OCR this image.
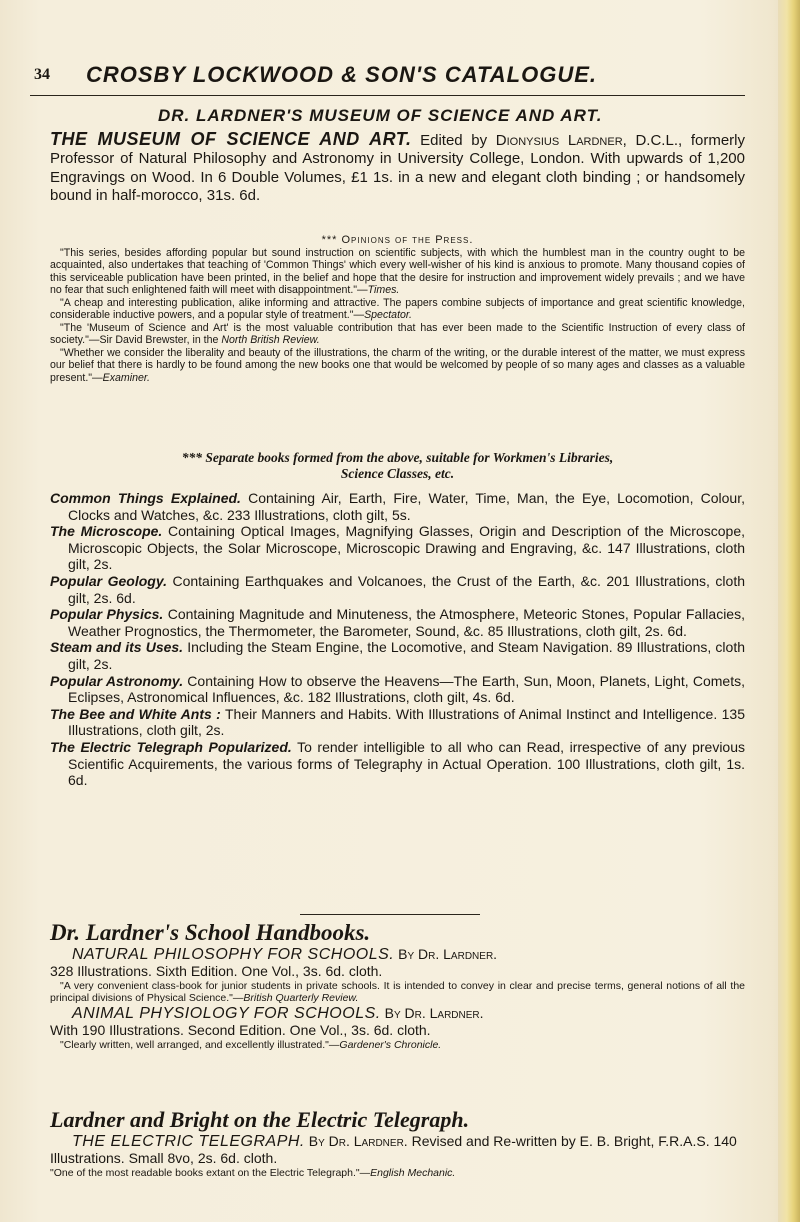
34 CROSBY LOCKWOOD & SON'S CATALOGUE.
DR. LARDNER'S MUSEUM OF SCIENCE AND ART.
THE MUSEUM OF SCIENCE AND ART. Edited by Dionysius Lardner, D.C.L., formerly Professor of Natural Philosophy and Astronomy in University College, London. With upwards of 1,200 Engravings on Wood. In 6 Double Volumes, £1 1s. in a new and elegant cloth binding ; or handsomely bound in half-morocco, 31s. 6d.
*** Opinions of the Press.

"This series, besides affording popular but sound instruction on scientific subjects, with which the humblest man in the country ought to be acquainted, also undertakes that teaching of 'Common Things' which every well-wisher of his kind is anxious to promote. Many thousand copies of this serviceable publication have been printed, in the belief and hope that the desire for instruction and improvement widely prevails ; and we have no fear that such enlightened faith will meet with disappointment."—Times.

"A cheap and interesting publication, alike informing and attractive. The papers combine subjects of importance and great scientific knowledge, considerable inductive powers, and a popular style of treatment."—Spectator.

"The 'Museum of Science and Art' is the most valuable contribution that has ever been made to the Scientific Instruction of every class of society."—Sir David Brewster, in the North British Review.

"Whether we consider the liberality and beauty of the illustrations, the charm of the writing, or the durable interest of the matter, we must express our belief that there is hardly to be found among the new books one that would be welcomed by people of so many ages and classes as a valuable present."—Examiner.

*** Separate books formed from the above, suitable for Workmen's Libraries,
Science Classes, etc.
Common Things Explained. Containing Air, Earth, Fire, Water, Time, Man, the Eye, Locomotion, Colour, Clocks and Watches, &c. 233 Illustrations, cloth gilt, 5s.
The Microscope. Containing Optical Images, Magnifying Glasses, Origin and Description of the Microscope, Microscopic Objects, the Solar Microscope, Microscopic Drawing and Engraving, &c. 147 Illustrations, cloth gilt, 2s.
Popular Geology. Containing Earthquakes and Volcanoes, the Crust of the Earth, &c. 201 Illustrations, cloth gilt, 2s. 6d.
Popular Physics. Containing Magnitude and Minuteness, the Atmosphere, Meteoric Stones, Popular Fallacies, Weather Prognostics, the Thermometer, the Barometer, Sound, &c. 85 Illustrations, cloth gilt, 2s. 6d.
Steam and its Uses. Including the Steam Engine, the Locomotive, and Steam Navigation. 89 Illustrations, cloth gilt, 2s.
Popular Astronomy. Containing How to observe the Heavens—The Earth, Sun, Moon, Planets, Light, Comets, Eclipses, Astronomical Influences, &c. 182 Illustrations, cloth gilt, 4s. 6d.
The Bee and White Ants : Their Manners and Habits. With Illustrations of Animal Instinct and Intelligence. 135 Illustrations, cloth gilt, 2s.
The Electric Telegraph Popularized. To render intelligible to all who can Read, irrespective of any previous Scientific Acquirements, the various forms of Telegraphy in Actual Operation. 100 Illustrations, cloth gilt, 1s. 6d.
Dr. Lardner's School Handbooks.
NATURAL PHILOSOPHY FOR SCHOOLS. By Dr. Lardner.
328 Illustrations. Sixth Edition. One Vol., 3s. 6d. cloth.
"A very convenient class-book for junior students in private schools. It is intended to convey in clear and precise terms, general notions of all the principal divisions of Physical Science."—British Quarterly Review.
ANIMAL PHYSIOLOGY FOR SCHOOLS. By Dr. Lardner.
With 190 Illustrations. Second Edition. One Vol., 3s. 6d. cloth.
"Clearly written, well arranged, and excellently illustrated."—Gardener's Chronicle.
Lardner and Bright on the Electric Telegraph.
THE ELECTRIC TELEGRAPH. By Dr. Lardner. Revised and Re-written by E. B. Bright, F.R.A.S. 140 Illustrations. Small 8vo, 2s. 6d. cloth.
"One of the most readable books extant on the Electric Telegraph."—English Mechanic.
